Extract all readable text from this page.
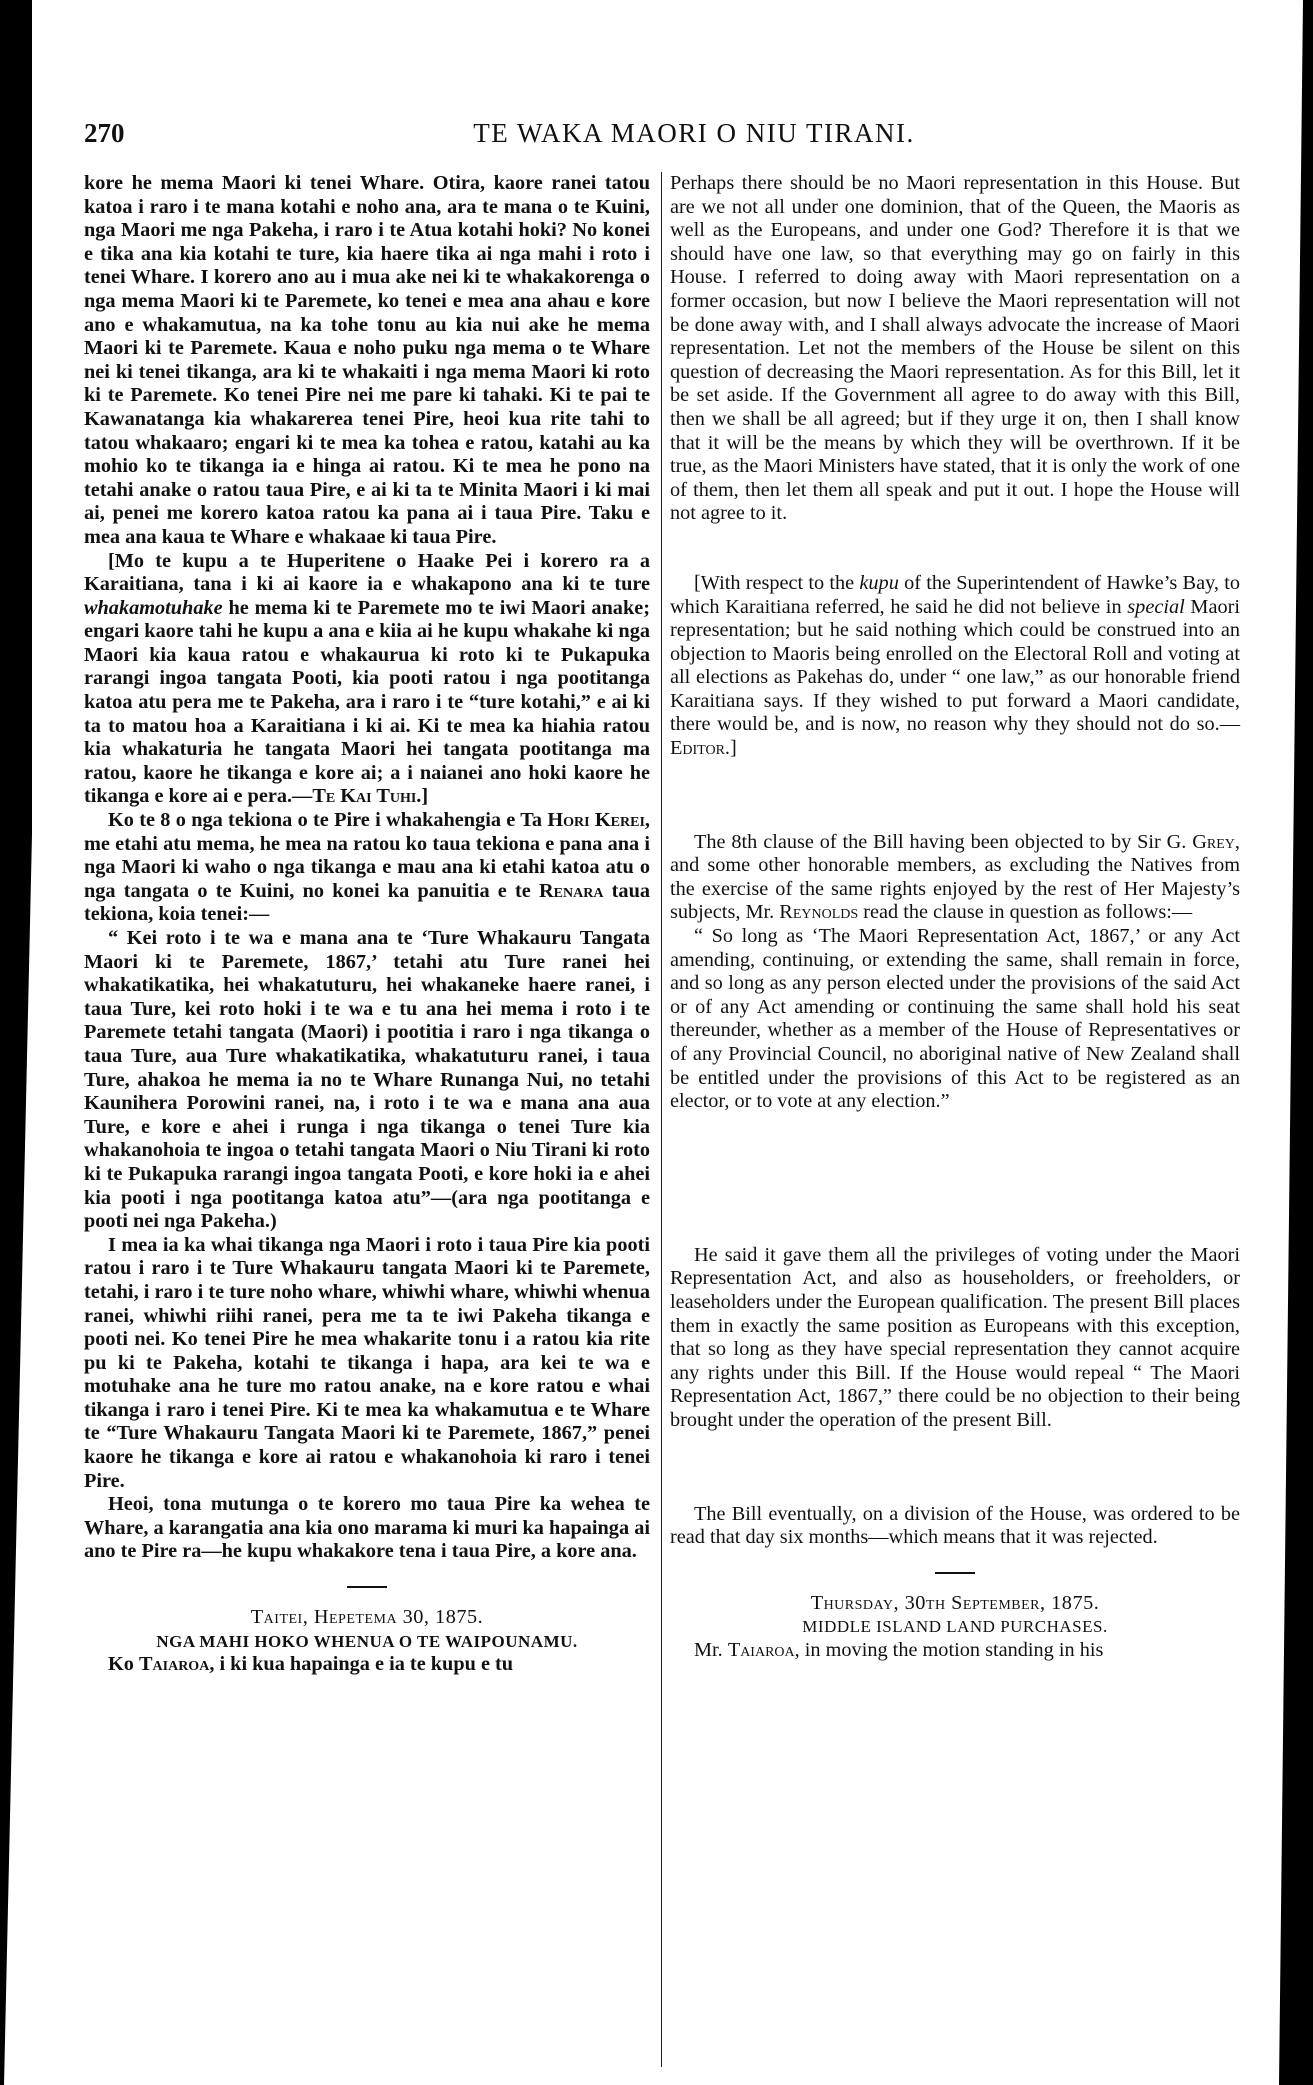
270	TE WAKA MAORI O NIU TIRANI.

kore he mema Maori ki tenei Whare. Otira, kaore ranei tatou katoa i raro i te mana kotahi e noho ana, ara te mana o te Kuini, nga Maori me nga Pakeha, i raro i te Atua kotahi hoki? No konei e tika ana kia kotahi te ture, kia haere tika ai nga mahi i roto i tenei Whare. I korero ano au i mua ake nei ki te whakakorenga o nga mema Maori ki te Paremete, ko tenei e mea ana ahau e kore ano e whakamutua, na ka tohe tonu au kia nui ake he mema Maori ki te Paremete. Kaua e noho puku nga mema o te Whare nei ki tenei tikanga, ara ki te whakaiti i nga mema Maori ki roto ki te Paremete. Ko tenei Pire nei me pare ki tahaki. Ki te pai te Kawanatanga kia whakarerea tenei Pire, heoi kua rite tahi to tatou whakaaro; engari ki te mea ka tohea e ratou, katahi au ka mohio ko te tikanga ia e hinga ai ratou. Ki te mea he pono na tetahi anake o ratou taua Pire, e ai ki ta te Minita Maori i ki mai ai, penei me korero katoa ratou ka pana ai i taua Pire. Taku e mea ana kaua te Whare e whakaae ki taua Pire.

[Mo te kupu a te Huperitene o Haake Pei i korero ra a Karaitiana, tana i ki ai kaore ia e whakapono ana ki te ture whakamotuhake he mema ki te Paremete mo te iwi Maori anake; engari kaore tahi he kupu a ana e kiia ai he kupu whakahe ki nga Maori kia kaua ratou e whakaurua ki roto ki te Pukapuka rarangi ingoa tangata Pooti, kia pooti ratou i nga pootitanga katoa atu pera me te Pakeha, ara i raro i te “ture kotahi,” e ai ki ta to matou hoa a Karaitiana i ki ai. Ki te mea ka hiahia ratou kia whakaturia he tangata Maori hei tangata pootitanga ma ratou, kaore he tikanga e kore ai; a i naianei ano hoki kaore he tikanga e kore ai e pera.—Te Kai Tuhi.]

Ko te 8 o nga tekiona o te Pire i whakahengia e Ta Hori Kerei, me etahi atu mema, he mea na ratou ko taua tekiona e pana ana i nga Maori ki waho o nga tikanga e mau ana ki etahi katoa atu o nga tangata o te Kuini, no konei ka panuitia e te Renara taua tekiona, koia tenei:—

“ Kei roto i te wa e mana ana te ‘Ture Whakauru Tangata Maori ki te Paremete, 1867,’ tetahi atu Ture ranei hei whakatikatika, hei whakatuturu, hei whakaneke haere ranei, i taua Ture, kei roto hoki i te wa e tu ana hei mema i roto i te Paremete tetahi tangata (Maori) i pootitia i raro i nga tikanga o taua Ture, aua Ture whakatikatika, whakatuturu ranei, i taua Ture, ahakoa he mema ia no te Whare Runanga Nui, no tetahi Kaunihera Porowini ranei, na, i roto i te wa e mana ana aua Ture, e kore e ahei i runga i nga tikanga o tenei Ture kia whakanohoia te ingoa o tetahi tangata Maori o Niu Tirani ki roto ki te Pukapuka rarangi ingoa tangata Pooti, e kore hoki ia e ahei kia pooti i nga pootitanga katoa atu”—(ara nga pootitanga e pooti nei nga Pakeha.)

I mea ia ka whai tikanga nga Maori i roto i taua Pire kia pooti ratou i raro i te Ture Whakauru tangata Maori ki te Paremete, tetahi, i raro i te ture noho whare, whiwhi whare, whiwhi whenua ranei, whiwhi riihi ranei, pera me ta te iwi Pakeha tikanga e pooti nei. Ko tenei Pire he mea whakarite tonu i a ratou kia rite pu ki te Pakeha, kotahi te tikanga i hapa, ara kei te wa e motuhake ana he ture mo ratou anake, na e kore ratou e whai tikanga i raro i tenei Pire. Ki te mea ka whakamutua e te Whare te “Ture Whakauru Tangata Maori ki te Paremete, 1867,” penei kaore he tikanga e kore ai ratou e whakanohoia ki raro i tenei Pire.

Heoi, tona mutunga o te korero mo taua Pire ka wehea te Whare, a karangatia ana kia ono marama ki muri ka hapainga ai ano te Pire ra—he kupu whakakore tena i taua Pire, a kore ana.

Taitei, Hepetema 30, 1875.

NGA MAHI HOKO WHENUA O TE WAIPOUNAMU.

Ko Taiaroa, i ki kua hapainga e ia te kupu e tu

Perhaps there should be no Maori representation in this House. But are we not all under one dominion, that of the Queen, the Maoris as well as the Europeans, and under one God? Therefore it is that we should have one law, so that everything may go on fairly in this House. I referred to doing away with Maori representation on a former occasion, but now I believe the Maori representation will not be done away with, and I shall always advocate the increase of Maori representation. Let not the members of the House be silent on this question of decreasing the Maori representation. As for this Bill, let it be set aside. If the Government all agree to do away with this Bill, then we shall be all agreed; but if they urge it on, then I shall know that it will be the means by which they will be overthrown. If it be true, as the Maori Ministers have stated, that it is only the work of one of them, then let them all speak and put it out. I hope the House will not agree to it.

[With respect to the kupu of the Superintendent of Hawke’s Bay, to which Karaitiana referred, he said he did not believe in special Maori representation; but he said nothing which could be construed into an objection to Maoris being enrolled on the Electoral Roll and voting at all elections as Pakehas do, under “ one law,” as our honorable friend Karaitiana says. If they wished to put forward a Maori candidate, there would be, and is now, no reason why they should not do so.—Editor.]

The 8th clause of the Bill having been objected to by Sir G. Grey, and some other honorable members, as excluding the Natives from the exercise of the same rights enjoyed by the rest of Her Majesty’s subjects, Mr. Reynolds read the clause in question as follows:—

“ So long as ‘The Maori Representation Act, 1867,’ or any Act amending, continuing, or extending the same, shall remain in force, and so long as any person elected under the provisions of the said Act or of any Act amending or continuing the same shall hold his seat thereunder, whether as a member of the House of Representatives or of any Provincial Council, no aboriginal native of New Zealand shall be entitled under the provisions of this Act to be registered as an elector, or to vote at any election.”

He said it gave them all the privileges of voting under the Maori Representation Act, and also as householders, or freeholders, or leaseholders under the European qualification. The present Bill places them in exactly the same position as Europeans with this exception, that so long as they have special representation they cannot acquire any rights under this Bill. If the House would repeal “ The Maori Representation Act, 1867,” there could be no objection to their being brought under the operation of the present Bill.

The Bill eventually, on a division of the House, was ordered to be read that day six months—which means that it was rejected.

Thursday, 30th September, 1875.

MIDDLE ISLAND LAND PURCHASES.

Mr. Taiaroa, in moving the motion standing in his
